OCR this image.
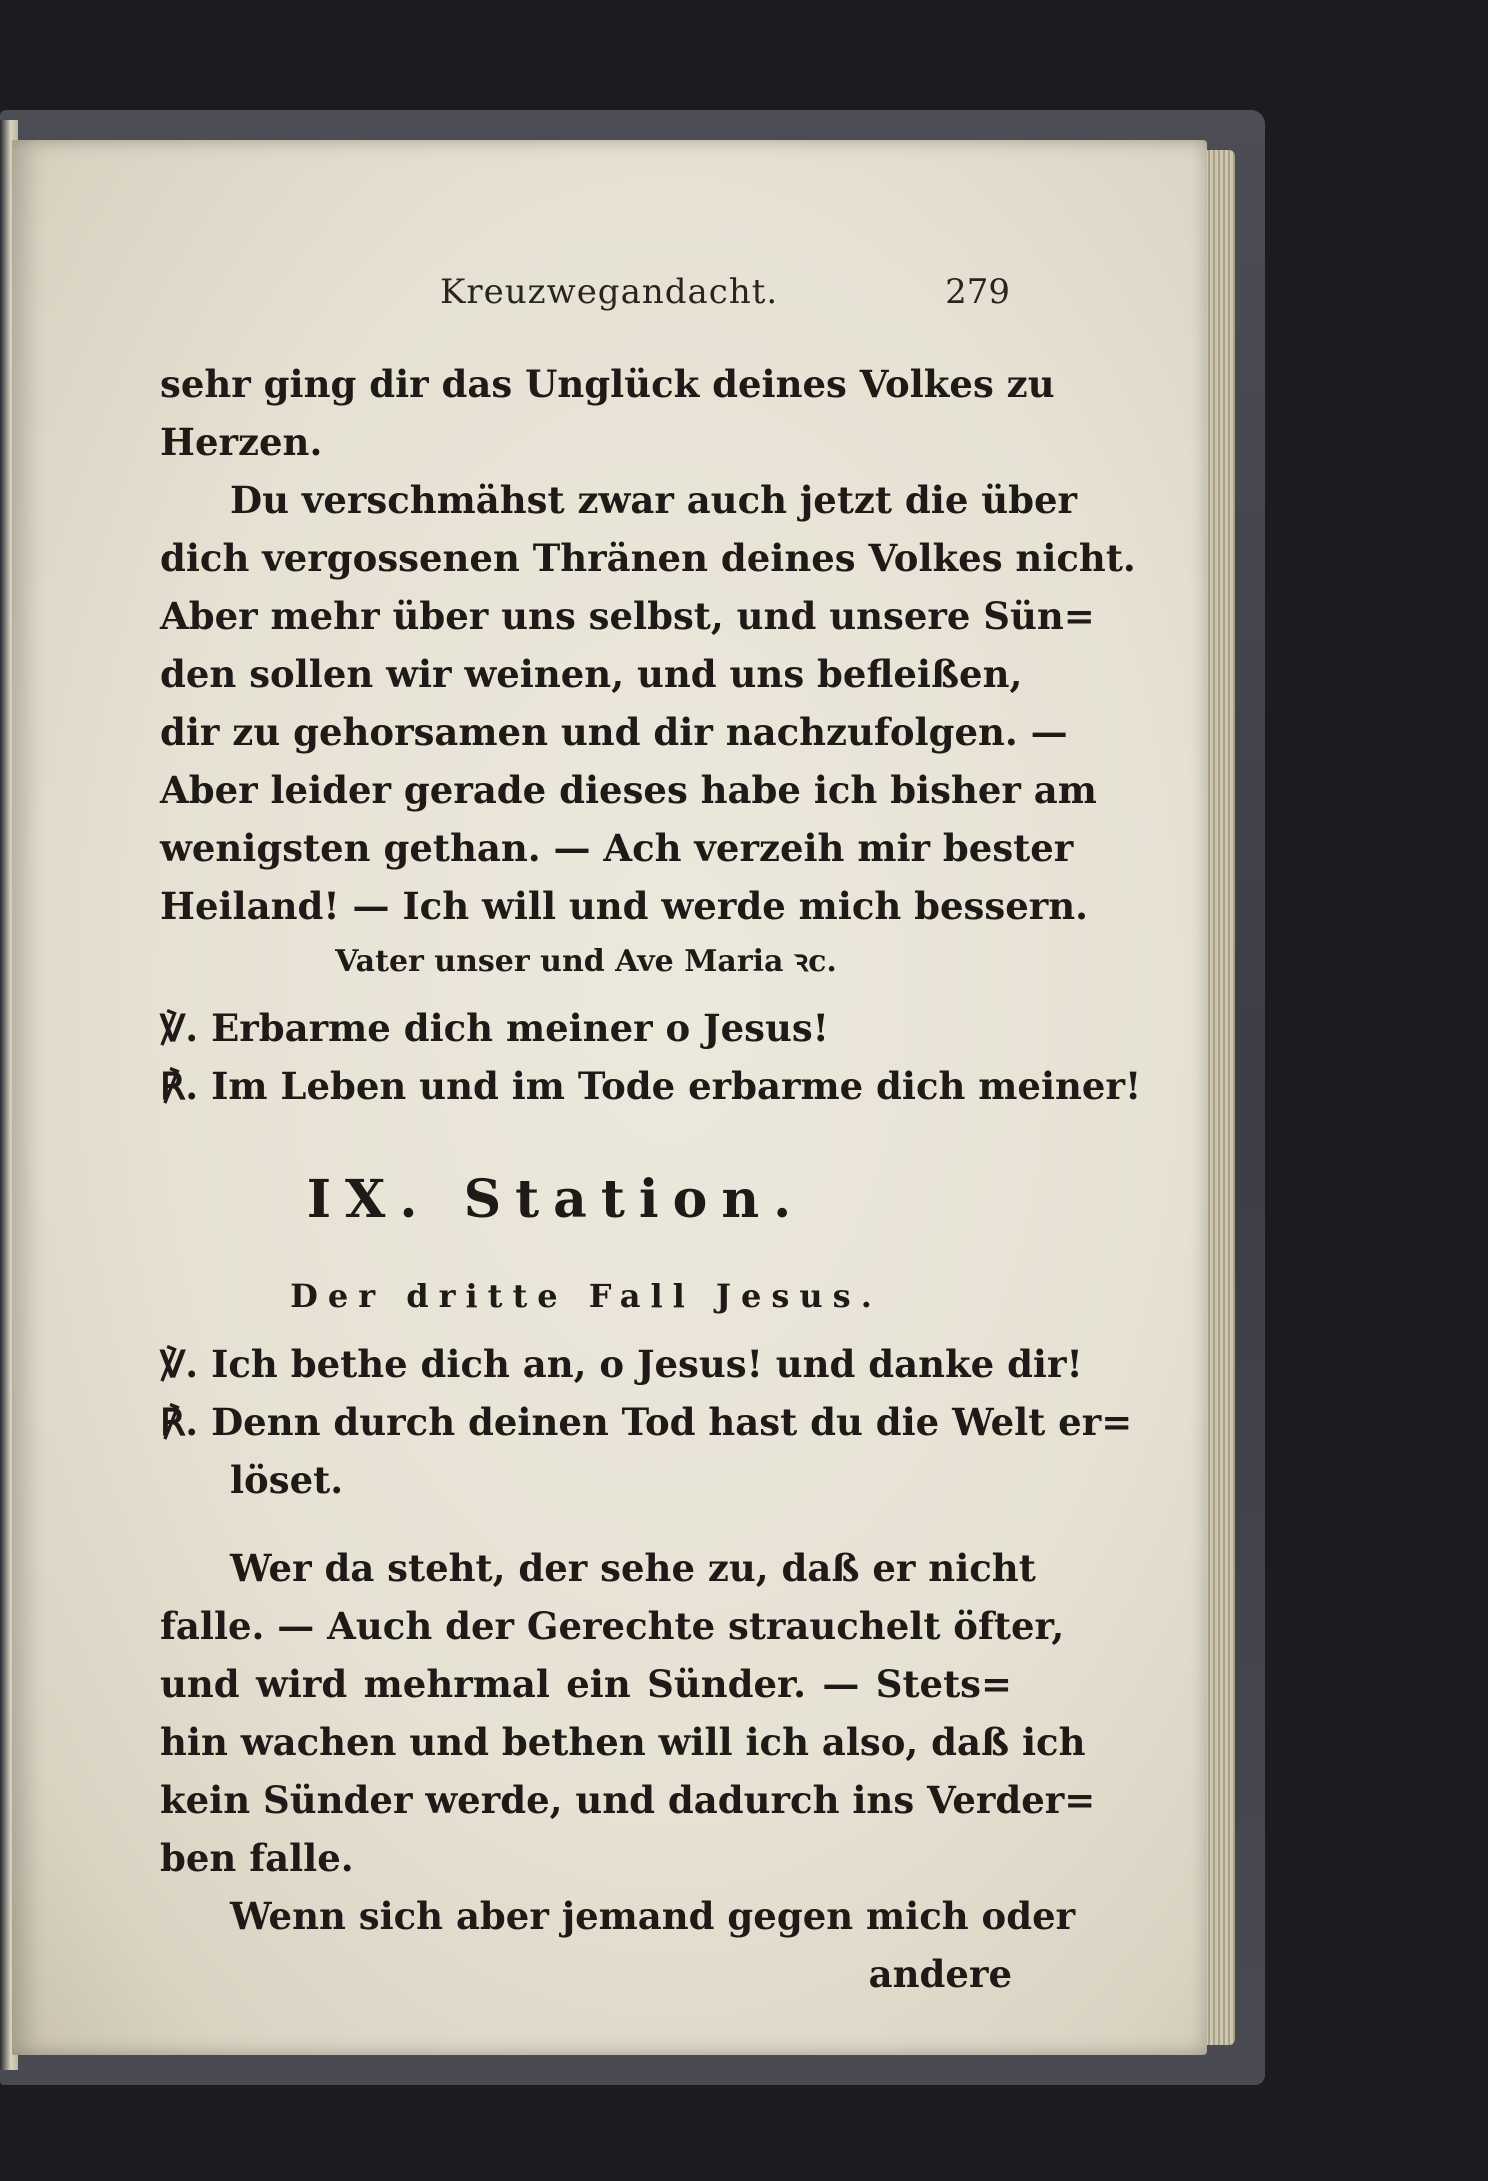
Kreuzwegandacht.	279
sehr ging dir das Unglück deines Volkes zu
Herzen.
Du verschmähst zwar auch jetzt die über
dich vergossenen Thränen deines Volkes nicht.
Aber mehr über uns selbst, und unsere Sün=
den sollen wir weinen, und uns befleißen,
dir zu gehorsamen und dir nachzufolgen. —
Aber leider gerade dieses habe ich bisher am
wenigsten gethan. — Ach verzeih mir bester
Heiland! — Ich will und werde mich bessern.
Vater unser und Ave Maria ꝛc.
℣. Erbarme dich meiner o Jesus!
℟. Im Leben und im Tode erbarme dich meiner!
IX. Station.
Der dritte Fall Jesus.
℣. Ich bethe dich an, o Jesus! und danke dir!
℟. Denn durch deinen Tod hast du die Welt er=
löset.
Wer da steht, der sehe zu, daß er nicht
falle. — Auch der Gerechte strauchelt öfter,
und wird mehrmal ein Sünder. — Stets=
hin wachen und bethen will ich also, daß ich
kein Sünder werde, und dadurch ins Verder=
ben falle.
Wenn sich aber jemand gegen mich oder
andere
